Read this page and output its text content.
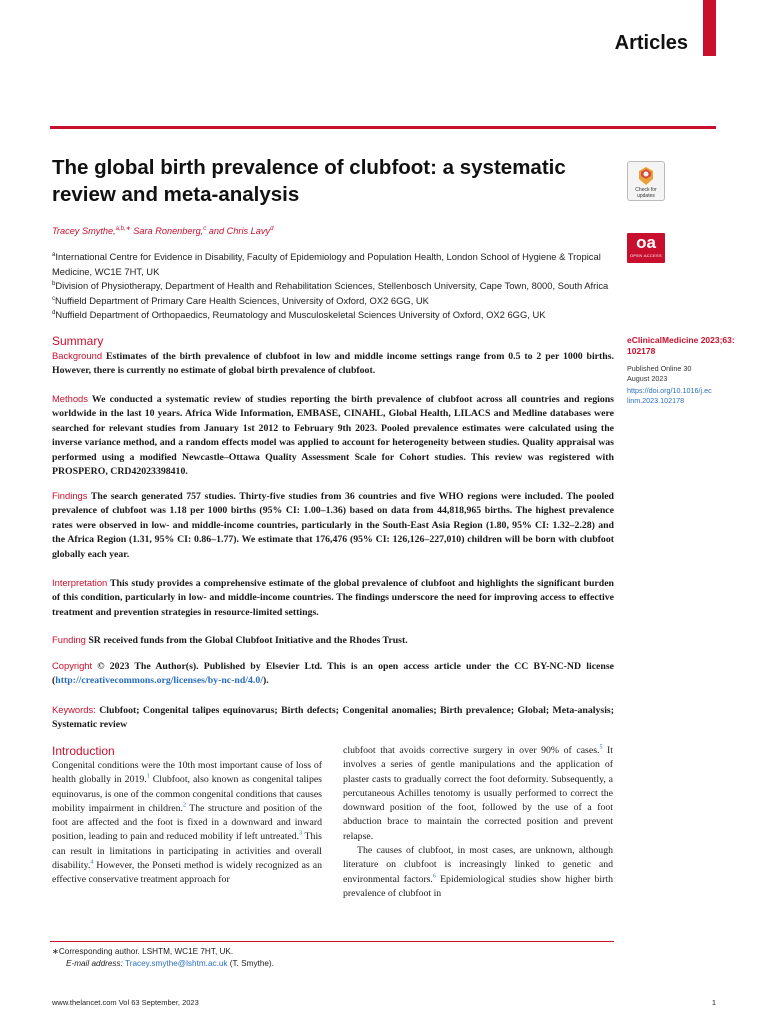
Articles
The global birth prevalence of clubfoot: a systematic review and meta-analysis
Tracey Smythe,$^{a,b,∗}$ Sara Ronenberg,$^c$ and Chris Lavy$^d$
$^a$International Centre for Evidence in Disability, Faculty of Epidemiology and Population Health, London School of Hygiene & Tropical Medicine, WC1E 7HT, UK
$^b$Division of Physiotherapy, Department of Health and Rehabilitation Sciences, Stellenbosch University, Cape Town, 8000, South Africa
$^c$Nuffield Department of Primary Care Health Sciences, University of Oxford, OX2 6GG, UK
$^d$Nuffield Department of Orthopaedics, Reumatology and Musculoskeletal Sciences University of Oxford, OX2 6GG, UK
Check for updates
oa
OPEN ACCESS
eClinicalMedicine 2023;63: 102178
Published Online 30 August 2023
https://doi.org/10.1016/j.eclinm.2023.102178
Summary
Background Estimates of the birth prevalence of clubfoot in low and middle income settings range from 0.5 to 2 per 1000 births. However, there is currently no estimate of global birth prevalence of clubfoot.
Methods We conducted a systematic review of studies reporting the birth prevalence of clubfoot across all countries and regions worldwide in the last 10 years. Africa Wide Information, EMBASE, CINAHL, Global Health, LILACS and Medline databases were searched for relevant studies from January 1st 2012 to February 9th 2023. Pooled prevalence estimates were calculated using the inverse variance method, and a random effects model was applied to account for heterogeneity between studies. Quality appraisal was performed using a modified Newcastle–Ottawa Quality Assessment Scale for Cohort studies. This review was registered with PROSPERO, CRD42023398410.
Findings The search generated 757 studies. Thirty-five studies from 36 countries and five WHO regions were included. The pooled prevalence of clubfoot was 1.18 per 1000 births (95% CI: 1.00–1.36) based on data from 44,818,965 births. The highest prevalence rates were observed in low- and middle-income countries, particularly in the South-East Asia Region (1.80, 95% CI: 1.32–2.28) and the Africa Region (1.31, 95% CI: 0.86–1.77). We estimate that 176,476 (95% CI: 126,126–227,010) children will be born with clubfoot globally each year.
Interpretation This study provides a comprehensive estimate of the global prevalence of clubfoot and highlights the significant burden of this condition, particularly in low- and middle-income countries. The findings underscore the need for improving access to effective treatment and prevention strategies in resource-limited settings.
Funding SR received funds from the Global Clubfoot Initiative and the Rhodes Trust.
Copyright © 2023 The Author(s). Published by Elsevier Ltd. This is an open access article under the CC BY-NC-ND license (http://creativecommons.org/licenses/by-nc-nd/4.0/).
Keywords: Clubfoot; Congenital talipes equinovarus; Birth defects; Congenital anomalies; Birth prevalence; Global; Meta-analysis; Systematic review
Introduction
Congenital conditions were the 10th most important cause of loss of health globally in 2019.$^1$ Clubfoot, also known as congenital talipes equinovarus, is one of the common congenital conditions that causes mobility impairment in children.$^2$ The structure and position of the foot are affected and the foot is fixed in a downward and inward position, leading to pain and reduced mobility if left untreated.$^3$ This can result in limitations in participating in activities and overall disability.$^4$ However, the Ponseti method is widely recognized as an effective conservative treatment approach for
clubfoot that avoids corrective surgery in over 90% of cases.$^5$ It involves a series of gentle manipulations and the application of plaster casts to gradually correct the foot deformity. Subsequently, a percutaneous Achilles tenotomy is usually performed to correct the downward position of the foot, followed by the use of a foot abduction brace to maintain the corrected position and prevent relapse.
The causes of clubfoot, in most cases, are unknown, although literature on clubfoot is increasingly linked to genetic and environmental factors.$^6$ Epidemiological studies show higher birth prevalence of clubfoot in
∗Corresponding author. LSHTM, WC1E 7HT, UK.
E-mail address: Tracey.smythe@lshtm.ac.uk (T. Smythe).
www.thelancet.com Vol 63 September, 2023	1
